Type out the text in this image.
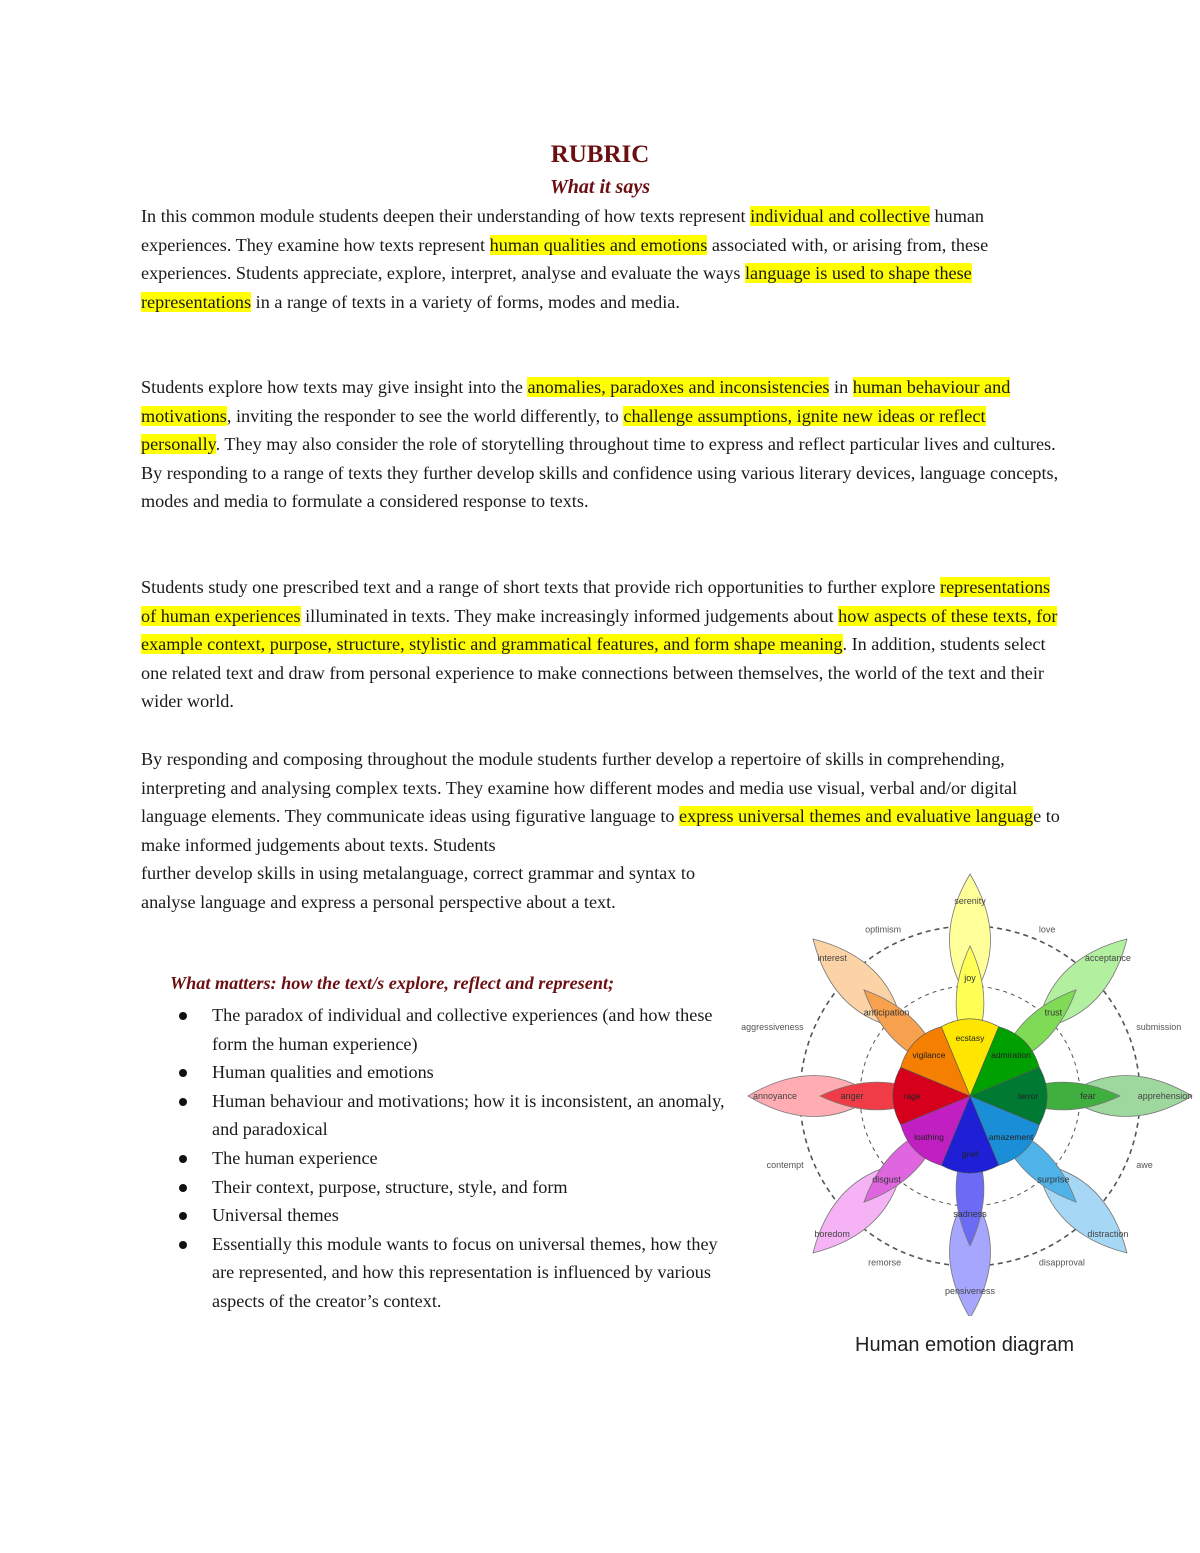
RUBRIC
What it says

In this common module students deepen their understanding of how texts represent individual and collective human experiences. They examine how texts represent human qualities and emotions associated with, or arising from, these experiences. Students appreciate, explore, interpret, analyse and evaluate the ways language is used to shape these representations in a range of texts in a variety of forms, modes and media.

Students explore how texts may give insight into the anomalies, paradoxes and inconsistencies in human behaviour and motivations, inviting the responder to see the world differently, to challenge assumptions, ignite new ideas or reflect personally. They may also consider the role of storytelling throughout time to express and reflect particular lives and cultures. By responding to a range of texts they further develop skills and confidence using various literary devices, language concepts, modes and media to formulate a considered response to texts.

Students study one prescribed text and a range of short texts that provide rich opportunities to further explore representations of human experiences illuminated in texts. They make increasingly informed judgements about how aspects of these texts, for example context, purpose, structure, stylistic and grammatical features, and form shape meaning. In addition, students select one related text and draw from personal experience to make connections between themselves, the world of the text and their wider world.

By responding and composing throughout the module students further develop a repertoire of skills in comprehending, interpreting and analysing complex texts. They examine how different modes and media use visual, verbal and/or digital language elements. They communicate ideas using figurative language to express universal themes and evaluative language to make informed judgements about texts. Students

further develop skills in using metalanguage, correct grammar and syntax to analyse language and express a personal perspective about a text.

What matters: how the text/s explore, reflect and represent;
The paradox of individual and collective experiences (and how these form the human experience)
Human qualities and emotions
Human behaviour and motivations; how it is inconsistent, an anomaly, and paradoxical
The human experience
Their context, purpose, structure, style, and form
Universal themes
Essentially this module wants to focus on universal themes, how they are represented, and how this representation is influenced by various aspects of the creator’s context.
serenity
joy
ecstasy
acceptance
trust
admiration
apprehension
fear
terror
distraction
surprise
amazement
pensiveness
sadness
grief
boredom
disgust
loathing
annoyance	anger	rage
interest
anticipation
vigilance
love
submission
awe
disapproval
remorse
contempt
aggressiveness
optimism
Human emotion diagram
